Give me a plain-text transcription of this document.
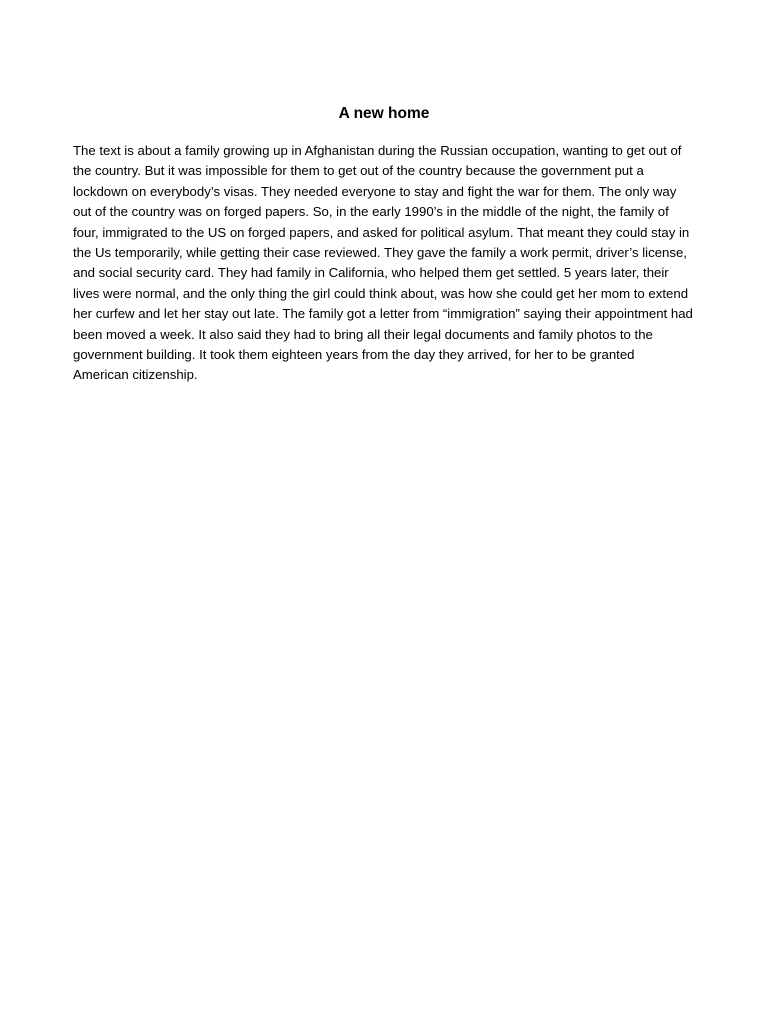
A new home

The text is about a family growing up in Afghanistan during the Russian occupation, wanting to get out of the country. But it was impossible for them to get out of the country because the government put a lockdown on everybody’s visas. They needed everyone to stay and fight the war for them. The only way out of the country was on forged papers. So, in the early 1990’s in the middle of the night, the family of four, immigrated to the US on forged papers, and asked for political asylum. That meant they could stay in the Us temporarily, while getting their case reviewed. They gave the family a work permit, driver’s license, and social security card. They had family in California, who helped them get settled. 5 years later, their lives were normal, and the only thing the girl could think about, was how she could get her mom to extend her curfew and let her stay out late. The family got a letter from “immigration” saying their appointment had been moved a week. It also said they had to bring all their legal documents and family photos to the government building. It took them eighteen years from the day they arrived, for her to be granted American citizenship.
